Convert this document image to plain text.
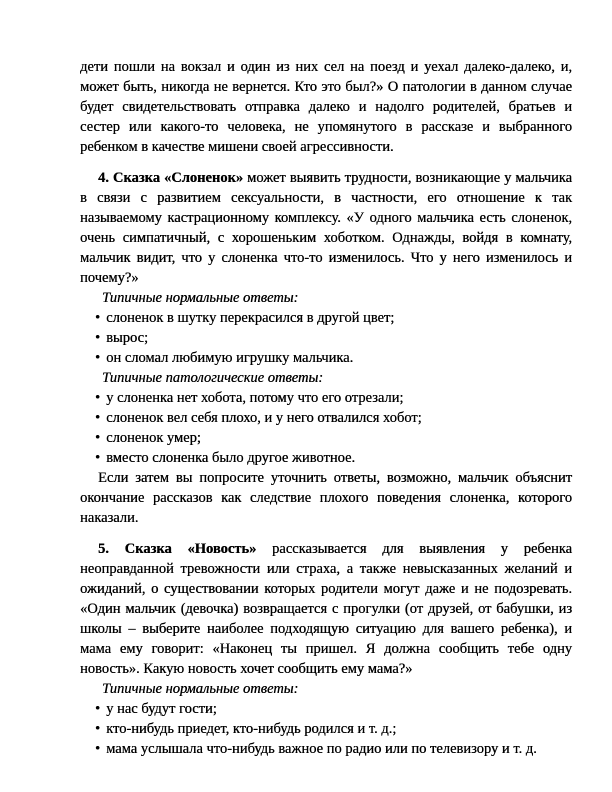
дети пошли на вокзал и один из них сел на поезд и уехал далеко-далеко, и, может быть, никогда не вернется. Кто это был?» О патологии в данном случае будет свидетельствовать отправка далеко и надолго родителей, братьев и сестер или какого-то человека, не упомянутого в рассказе и выбранного ребенком в качестве мишени своей агрессивности.

4. Сказка «Слоненок» может выявить трудности, возникающие у мальчика в связи с развитием сексуальности, в частности, его отношение к так называемому кастрационному комплексу. «У одного мальчика есть слоненок, очень симпатичный, с хорошеньким хоботком. Однажды, войдя в комнату, мальчик видит, что у слоненка что-то изменилось. Что у него изменилось и почему?»

Типичные нормальные ответы:

• слоненок в шутку перекрасился в другой цвет;
• вырос;
• он сломал любимую игрушку мальчика.

Типичные патологические ответы:

• у слоненка нет хобота, потому что его отрезали;
• слоненок вел себя плохо, и у него отвалился хобот;
• слоненок умер;
• вместо слоненка было другое животное.

Если затем вы попросите уточнить ответы, возможно, мальчик объяснит окончание рассказов как следствие плохого поведения слоненка, которого наказали.

5. Сказка «Новость» рассказывается для выявления у ребенка неоправданной тревожности или страха, а также невысказанных желаний и ожиданий, о существовании которых родители могут даже и не подозревать. «Один мальчик (девочка) возвращается с прогулки (от друзей, от бабушки, из школы – выберите наиболее подходящую ситуацию для вашего ребенка), и мама ему говорит: «Наконец ты пришел. Я должна сообщить тебе одну новость». Какую новость хочет сообщить ему мама?»

Типичные нормальные ответы:

• у нас будут гости;
• кто-нибудь приедет, кто-нибудь родился и т. д.;
• мама услышала что-нибудь важное по радио или по телевизору и т. д.
